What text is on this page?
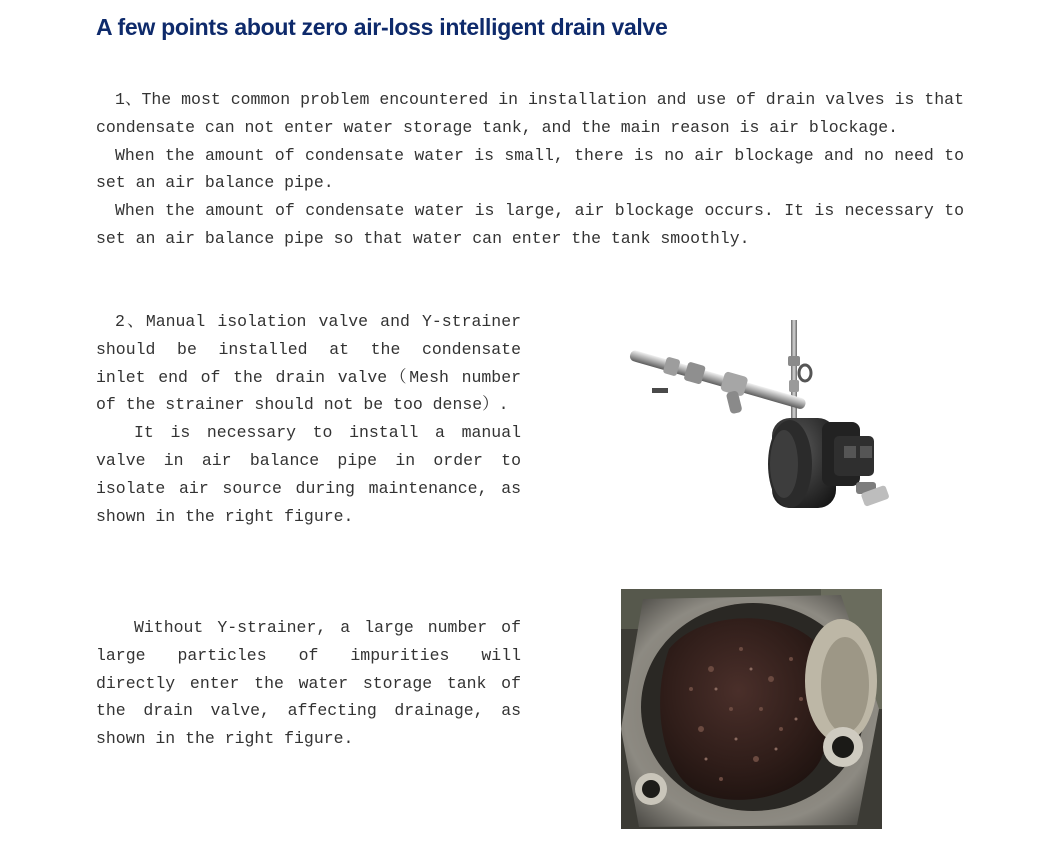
A few points about zero air-loss intelligent drain valve
1、The most common problem encountered in installation and use of drain valves is that condensate can not enter water storage tank, and the main reason is air blockage.
When the amount of condensate water is small, there is no air blockage and no need to set an air balance pipe.
When the amount of condensate water is large, air blockage occurs. It is necessary to set an air balance pipe so that water can enter the tank smoothly.
2、Manual isolation valve and Y-strainer should be installed at the condensate inlet end of the drain valve（Mesh number of the strainer should not be too dense）.
It is necessary to install a manual valve in air balance pipe in order to isolate air source during maintenance, as shown in the right figure.
Without Y-strainer, a large number of large particles of impurities will directly enter the water storage tank of the drain valve, affecting drainage, as shown in the right figure.
